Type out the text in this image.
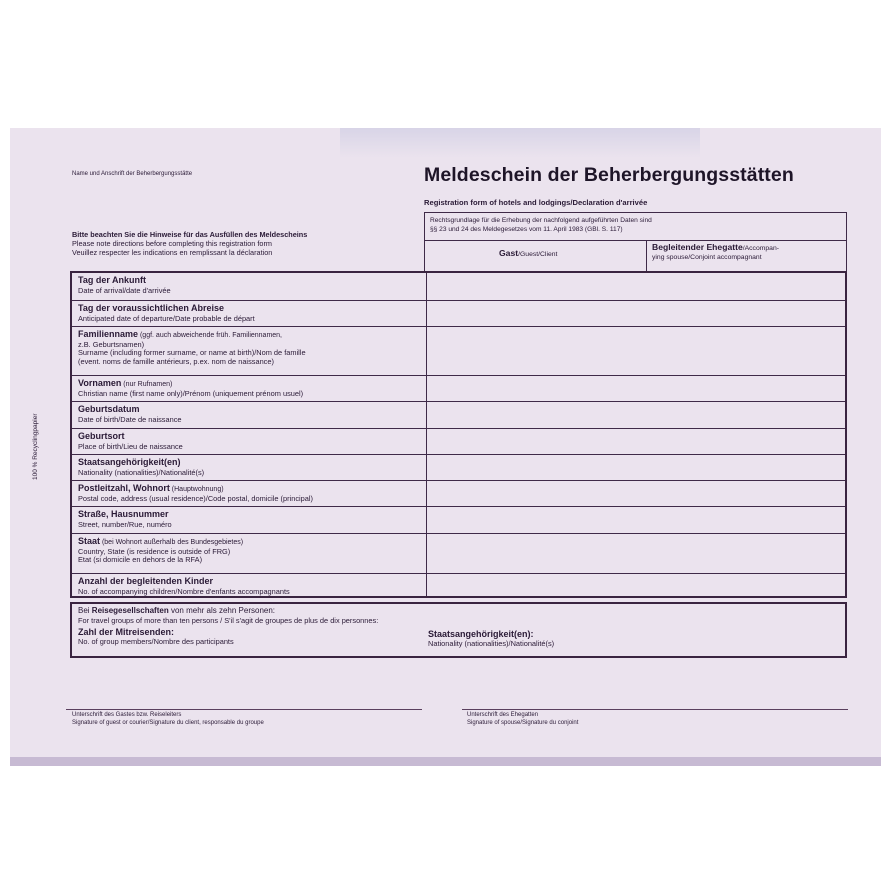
100 % Recyclingpapier
Name und Anschrift der Beherbergungsstätte	Meldeschein der Beherbergungsstätten
Registration form of hotels and lodgings/Declaration d'arrivée
Bitte beachten Sie die Hinweise für das Ausfüllen des Meldescheins
Please note directions before completing this registration form
Veuillez respecter les indications en remplissant la déclaration
Rechtsgrundlage für die Erhebung der nachfolgend aufgeführten Daten sind
§§ 23 und 24 des Meldegesetzes vom 11. April 1983 (GBl. S. 117)
Gast/Guest/Client
Begleitender Ehegatte/Accompan-
ying spouse/Conjoint accompagnant
Tag der Ankunft
Date of arrival/date d'arrivée
Tag der voraussichtlichen Abreise
Anticipated date of departure/Date probable de départ
Familienname (ggf. auch abweichende früh. Familiennamen,
z.B. Geburtsnamen)
Surname (including former surname, or name at birth)/Nom de famille
(event. noms de famille antérieurs, p.ex. nom de naissance)
Vornamen (nur Rufnamen)
Christian name (first name only)/Prénom (uniquement prénom usuel)
Geburtsdatum
Date of birth/Date de naissance
Geburtsort
Place of birth/Lieu de naissance
Staatsangehörigkeit(en)
Nationality (nationalities)/Nationalité(s)
Postleitzahl, Wohnort (Hauptwohnung)
Postal code, address (usual residence)/Code postal, domicile (principal)
Straße, Hausnummer
Street, number/Rue, numéro
Staat (bei Wohnort außerhalb des Bundesgebietes)
Country, State (is residence is outside of FRG)
Etat (si domicile en dehors de la RFA)
Anzahl der begleitenden Kinder
No. of accompanying children/Nombre d'enfants accompagnants
Bei Reisegesellschaften von mehr als zehn Personen:
For travel groups of more than ten persons / S'il s'agit de groupes de plus de dix personnes:
Zahl der Mitreisenden:
No. of group members/Nombre des participants
Staatsangehörigkeit(en):
Nationality (nationalities)/Nationalité(s)
Unterschrift des Gastes bzw. Reiseleiters
Signature of guest or courier/Signature du client, responsable du groupe
Unterschrift des Ehegatten
Signature of spouse/Signature du conjoint
